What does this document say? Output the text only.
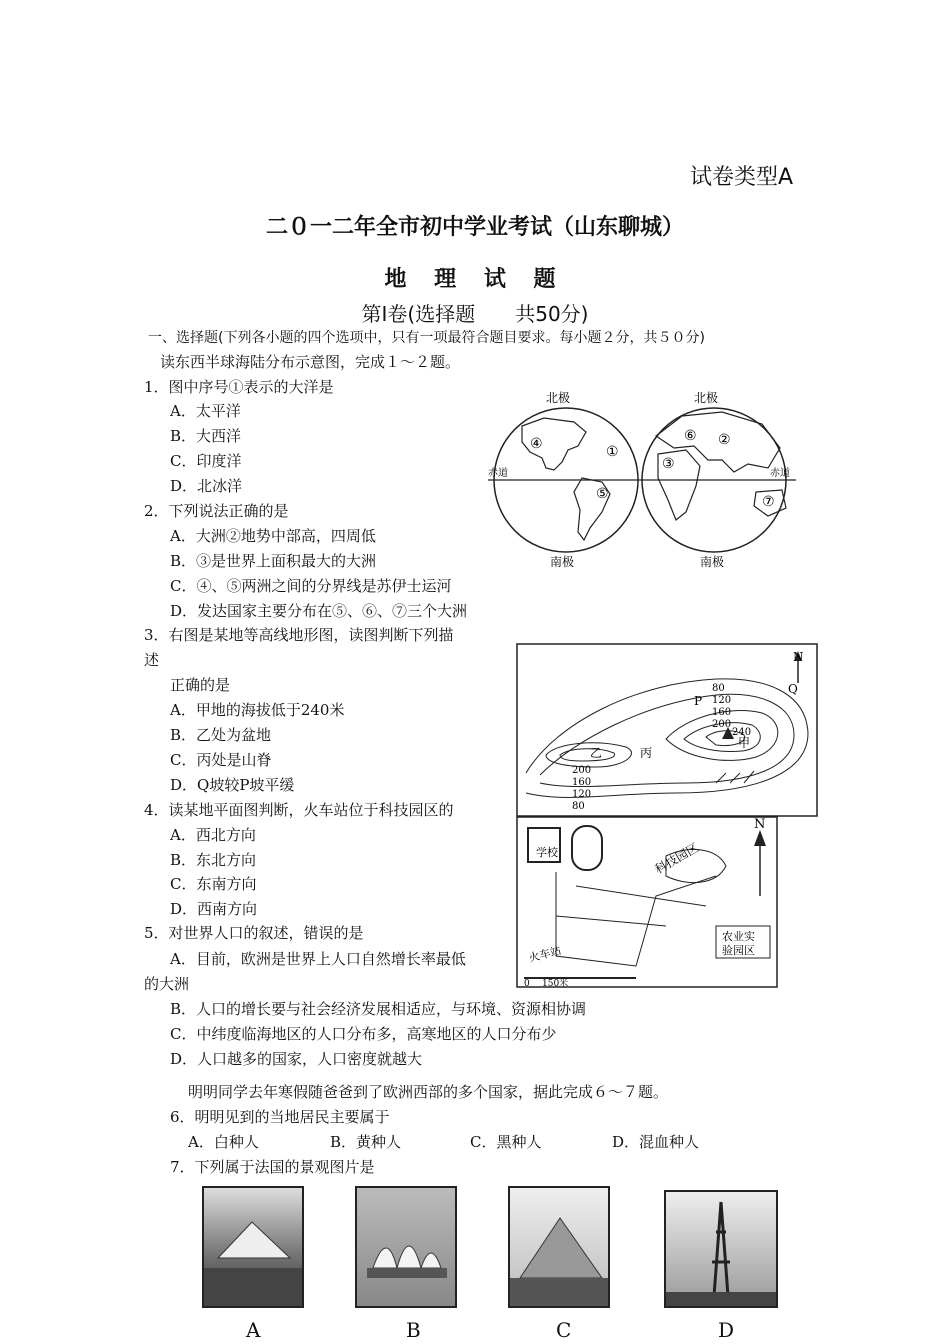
试卷类型A
二０一二年全市初中学业考试（山东聊城）
地 理 试 题
第Ⅰ卷(选择题　　共50分)
一、选择题(下列各小题的四个选项中，只有一项最符合题目要求。每小题２分，共５０分)
读东西半球海陆分布示意图，完成１～２题。
1．图中序号①表示的大洋是
A．太平洋
B．大西洋
C．印度洋
D．北冰洋
2．下列说法正确的是
A．大洲②地势中部高，四周低
B．③是世界上面积最大的大洲
C．④、⑤两洲之间的分界线是苏伊士运河
D．发达国家主要分布在⑤、⑥、⑦三个大洲
3．右图是某地等高线地形图，读图判断下列描
述
正确的是
A．甲地的海拔低于240米
B．乙处为盆地
C．丙处是山脊
D．Q坡较P坡平缓
4．读某地平面图判断，火车站位于科技园区的
A．西北方向
B．东北方向
C．东南方向
D．西南方向
5．对世界人口的叙述，错误的是
A．目前，欧洲是世界上人口自然增长率最低
的大洲
B．人口的增长要与社会经济发展相适应，与环境、资源相协调
C．中纬度临海地区的人口分布多，高寒地区的人口分布少
D．人口越多的国家，人口密度就越大
明明同学去年寒假随爸爸到了欧洲西部的多个国家，据此完成６～７题。
6．明明见到的当地居民主要属于
A．白种人	B．黄种人	C．黑种人	D．混血种人
7．下列属于法国的景观图片是
北极	北极
赤道	赤道
④	①
⑤
⑥ ②
③
⑦
南极	南极
N
80
120
160
200
240
200
160
120
80
甲
乙	丙
P
Q
学校	科技园区
农业实
验园区
火车站
0 150米
N
A	B	C	D
